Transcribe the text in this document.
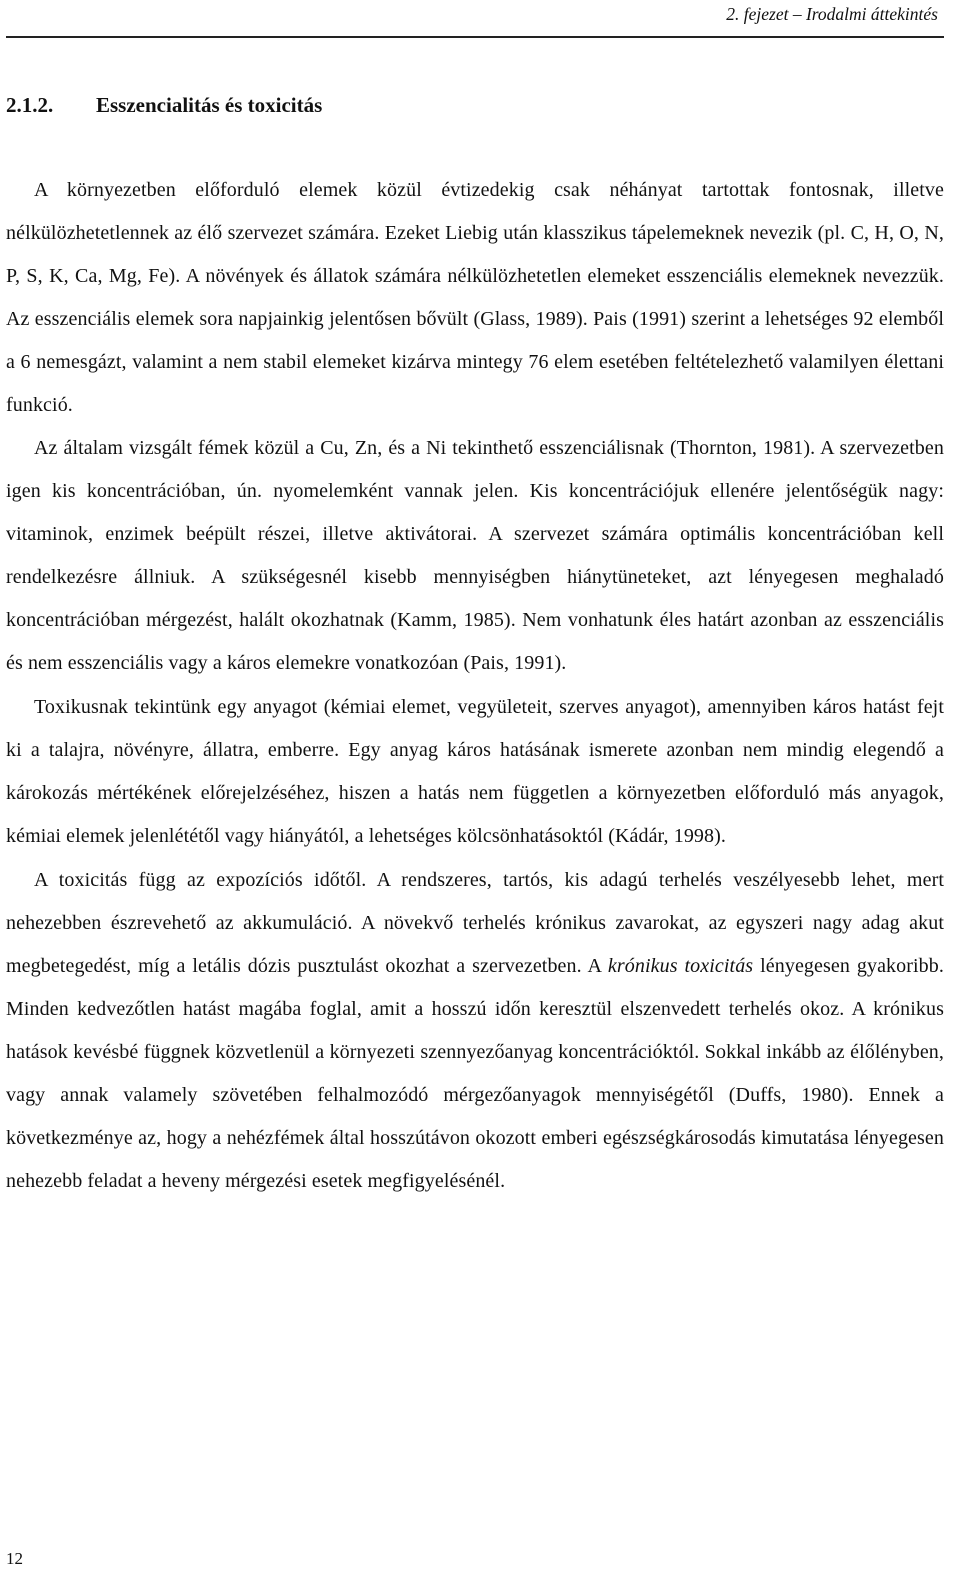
2. fejezet – Irodalmi áttekintés
2.1.2. Esszencialitás és toxicitás

A környezetben előforduló elemek közül évtizedekig csak néhányat tartottak fontosnak, illetve nélkülözhetetlennek az élő szervezet számára. Ezeket Liebig után klasszikus tápelemeknek nevezik (pl. C, H, O, N, P, S, K, Ca, Mg, Fe). A növények és állatok számára nélkülözhetetlen elemeket esszenciális elemeknek nevezzük. Az esszenciális elemek sora napjainkig jelentősen bővült (Glass, 1989). Pais (1991) szerint a lehetséges 92 elemből a 6 nemesgázt, valamint a nem stabil elemeket kizárva mintegy 76 elem esetében feltételezhető valamilyen élettani funkció.

Az általam vizsgált fémek közül a Cu, Zn, és a Ni tekinthető esszenciálisnak (Thornton, 1981). A szervezetben igen kis koncentrációban, ún. nyomelemként vannak jelen. Kis koncentrációjuk ellenére jelentőségük nagy: vitaminok, enzimek beépült részei, illetve aktivátorai. A szervezet számára optimális koncentrációban kell rendelkezésre állniuk. A szükségesnél kisebb mennyiségben hiánytüneteket, azt lényegesen meghaladó koncentrációban mérgezést, halált okozhatnak (Kamm, 1985). Nem vonhatunk éles határt azonban az esszenciális és nem esszenciális vagy a káros elemekre vonatkozóan (Pais, 1991).

Toxikusnak tekintünk egy anyagot (kémiai elemet, vegyületeit, szerves anyagot), amennyiben káros hatást fejt ki a talajra, növényre, állatra, emberre. Egy anyag káros hatásának ismerete azonban nem mindig elegendő a károkozás mértékének előrejelzéséhez, hiszen a hatás nem független a környezetben előforduló más anyagok, kémiai elemek jelenlététől vagy hiányától, a lehetséges kölcsönhatásoktól (Kádár, 1998).

A toxicitás függ az expozíciós időtől. A rendszeres, tartós, kis adagú terhelés veszélyesebb lehet, mert nehezebben észrevehető az akkumuláció. A növekvő terhelés krónikus zavarokat, az egyszeri nagy adag akut megbetegedést, míg a letális dózis pusztulást okozhat a szervezetben. A krónikus toxicitás lényegesen gyakoribb. Minden kedvezőtlen hatást magába foglal, amit a hosszú időn keresztül elszenvedett terhelés okoz. A krónikus hatások kevésbé függnek közvetlenül a környezeti szennyezőanyag koncentrációktól. Sokkal inkább az élőlényben, vagy annak valamely szövetében felhalmozódó mérgezőanyagok mennyiségétől (Duffs, 1980). Ennek a következménye az, hogy a nehézfémek által hosszútávon okozott emberi egészségkárosodás kimutatása lényegesen nehezebb feladat a heveny mérgezési esetek megfigyelésénél.

12
